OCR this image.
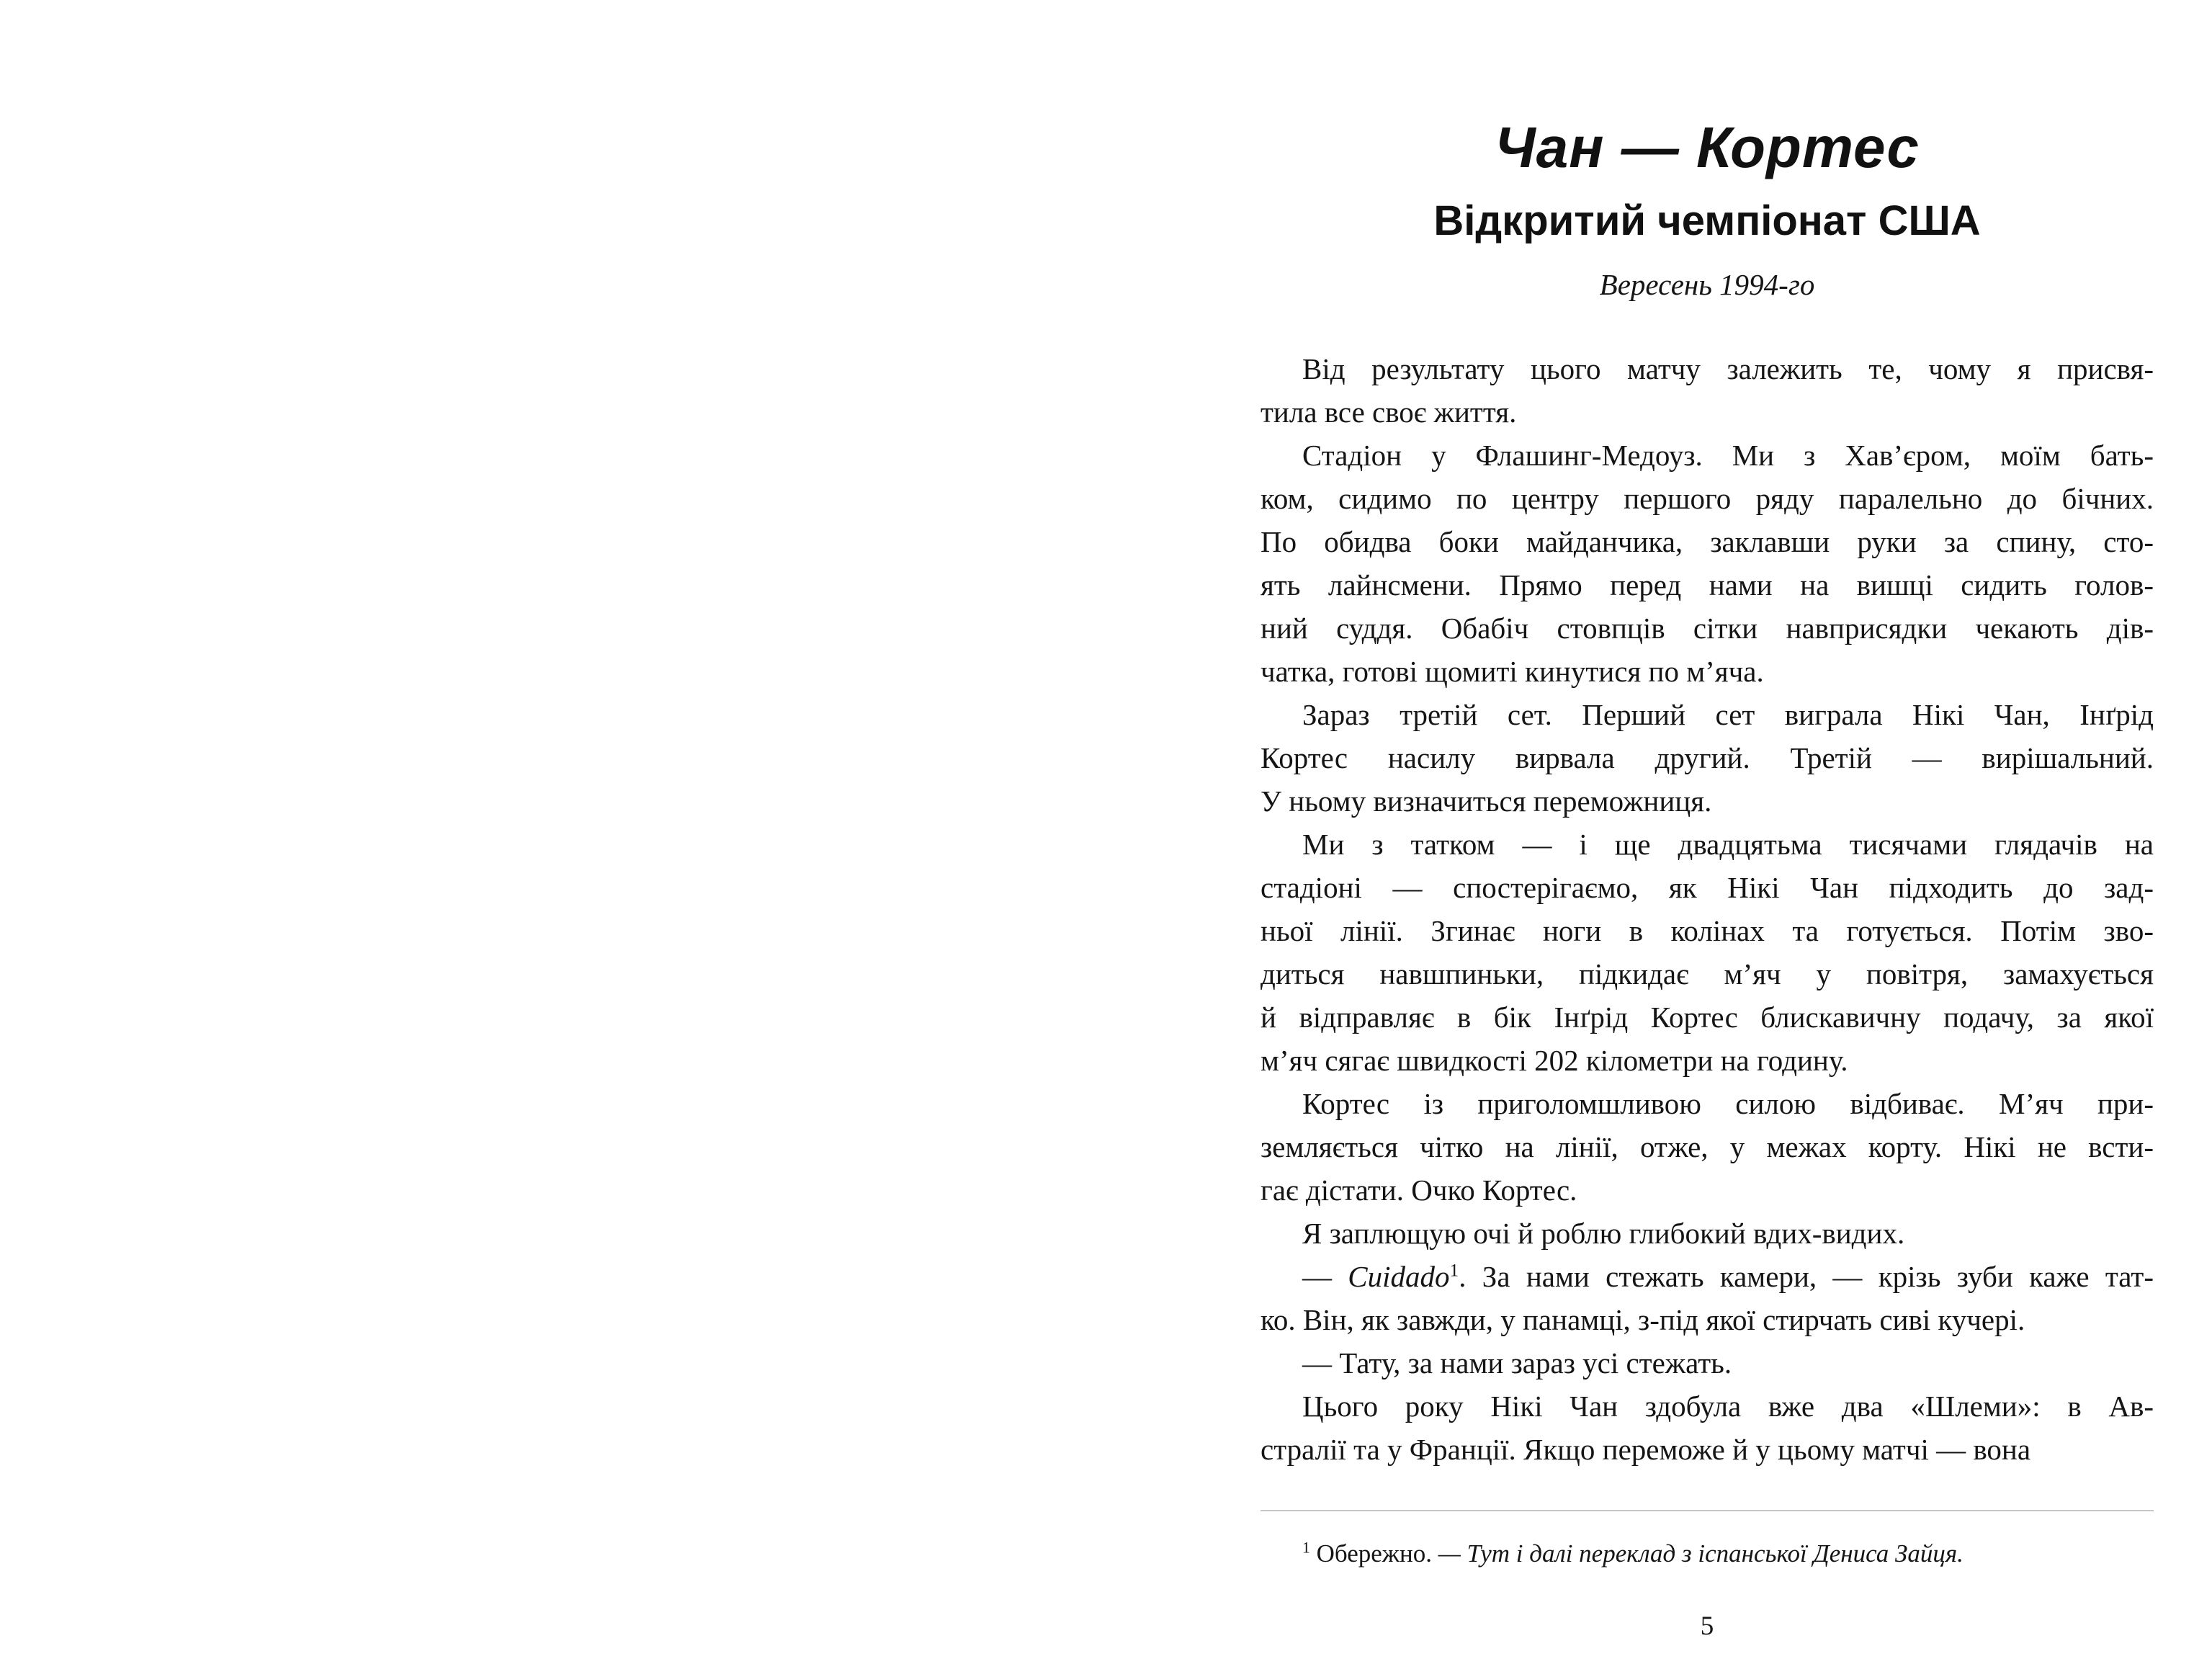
Чан — Кортес
Відкритий чемпіонат США
Вересень 1994-го
Від результату цього матчу залежить те, чому я присвя-
тила все своє життя.
Стадіон у Флашинг-Медоуз. Ми з Хав’єром, моїм бать-
ком, сидимо по центру першого ряду паралельно до бічних.
По обидва боки майданчика, заклавши руки за спину, сто-
ять лайнсмени. Прямо перед нами на вишці сидить голов-
ний суддя. Обабіч стовпців сітки навприсядки чекають дів-
чатка, готові щомиті кинутися по м’яча.
Зараз третій сет. Перший сет виграла Нікі Чан, Інґрід
Кортес насилу вирвала другий. Третій — вирішальний.
У ньому визначиться переможниця.
Ми з татком — і ще двадцятьма тисячами глядачів на
стадіоні — спостерігаємо, як Нікі Чан підходить до зад-
ньої лінії. Згинає ноги в колінах та готується. Потім зво-
диться навшпиньки, підкидає м’яч у повітря, замахується
й відправляє в бік Інґрід Кортес блискавичну подачу, за якої
м’яч сягає швидкості 202 кілометри на годину.
Кортес із приголомшливою силою відбиває. М’яч при-
земляється чітко на лінії, отже, у межах корту. Нікі не всти-
гає дістати. Очко Кортес.
Я заплющую очі й роблю глибокий вдих-видих.
— Cuidado$^1$. За нами стежать камери, — крізь зуби каже тат-
ко. Він, як завжди, у панамці, з-під якої стирчать сиві кучері.
— Тату, за нами зараз усі стежать.
Цього року Нікі Чан здобула вже два «Шлеми»: в Ав-
стралії та у Франції. Якщо переможе й у цьому матчі — вона
$^1$ Обережно. — Тут і далі переклад з іспанської Дениса Зайця.
5
